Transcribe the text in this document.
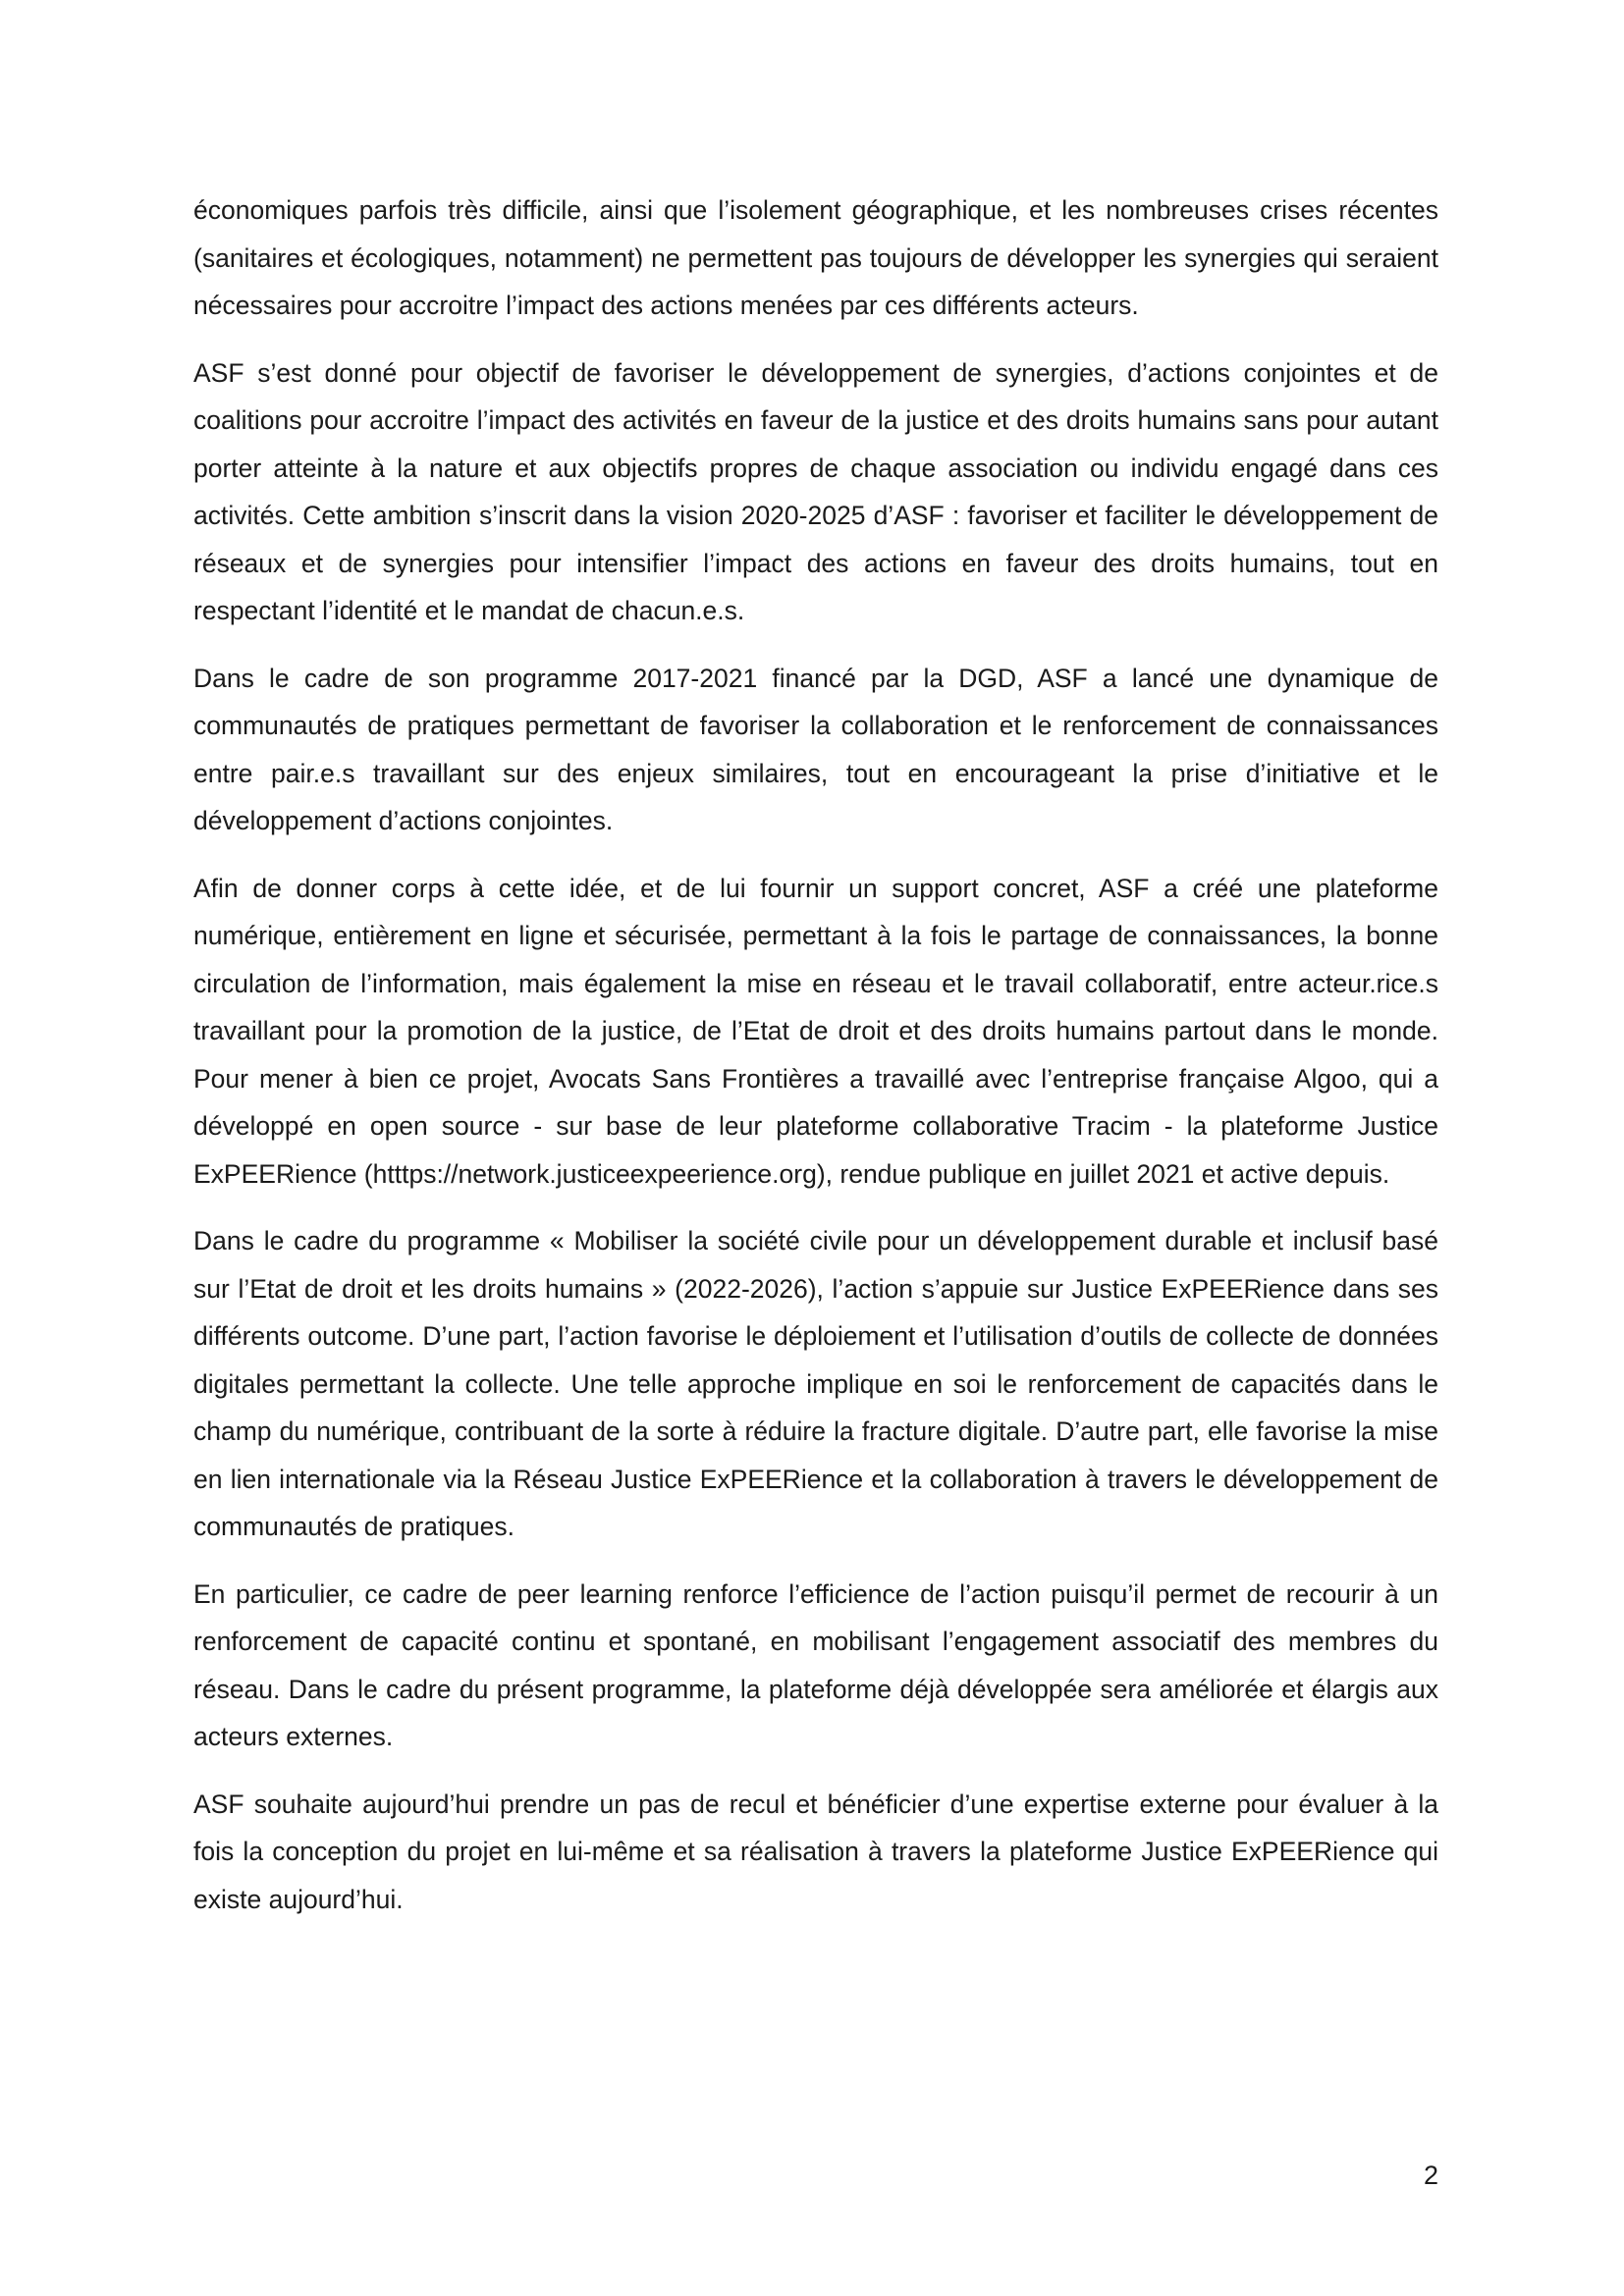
économiques parfois très difficile, ainsi que l’isolement géographique, et les nombreuses crises récentes (sanitaires et écologiques, notamment) ne permettent pas toujours de développer les synergies qui seraient nécessaires pour accroitre l’impact des actions menées par ces différents acteurs.

ASF s’est donné pour objectif de favoriser le développement de synergies, d’actions conjointes et de coalitions pour accroitre l’impact des activités en faveur de la justice et des droits humains sans pour autant porter atteinte à la nature et aux objectifs propres de chaque association ou individu engagé dans ces activités. Cette ambition s’inscrit dans la vision 2020-2025 d’ASF : favoriser et faciliter le développement de réseaux et de synergies pour intensifier l’impact des actions en faveur des droits humains, tout en respectant l’identité et le mandat de chacun.e.s.

Dans le cadre de son programme 2017-2021 financé par la DGD, ASF a lancé une dynamique de communautés de pratiques permettant de favoriser la collaboration et le renforcement de connaissances entre pair.e.s travaillant sur des enjeux similaires, tout en encourageant la prise d’initiative et le développement d’actions conjointes.

Afin de donner corps à cette idée, et de lui fournir un support concret, ASF a créé une plateforme numérique, entièrement en ligne et sécurisée, permettant à la fois le partage de connaissances, la bonne circulation de l’information, mais également la mise en réseau et le travail collaboratif, entre acteur.rice.s travaillant pour la promotion de la justice, de l’Etat de droit et des droits humains partout dans le monde. Pour mener à bien ce projet, Avocats Sans Frontières a travaillé avec l’entreprise française Algoo, qui a développé en open source - sur base de leur plateforme collaborative Tracim - la plateforme Justice ExPEERience (htttps://network.justiceexpeerience.org), rendue publique en juillet 2021 et active depuis.

Dans le cadre du programme « Mobiliser la société civile pour un développement durable et inclusif basé sur l’Etat de droit et les droits humains » (2022-2026), l’action s’appuie sur Justice ExPEERience dans ses différents outcome. D’une part, l’action favorise le déploiement et l’utilisation d’outils de collecte de données digitales permettant la collecte. Une telle approche implique en soi le renforcement de capacités dans le champ du numérique, contribuant de la sorte à réduire la fracture digitale. D’autre part, elle favorise la mise en lien internationale via la Réseau Justice ExPEERience et la collaboration à travers le développement de communautés de pratiques.

En particulier, ce cadre de peer learning renforce l’efficience de l’action puisqu’il permet de recourir à un renforcement de capacité continu et spontané, en mobilisant l’engagement associatif des membres du réseau. Dans le cadre du présent programme, la plateforme déjà développée sera améliorée et élargis aux acteurs externes.

ASF souhaite aujourd’hui prendre un pas de recul et bénéficier d’une expertise externe pour évaluer à la fois la conception du projet en lui-même et sa réalisation à travers la plateforme Justice ExPEERience qui existe aujourd’hui.

2
